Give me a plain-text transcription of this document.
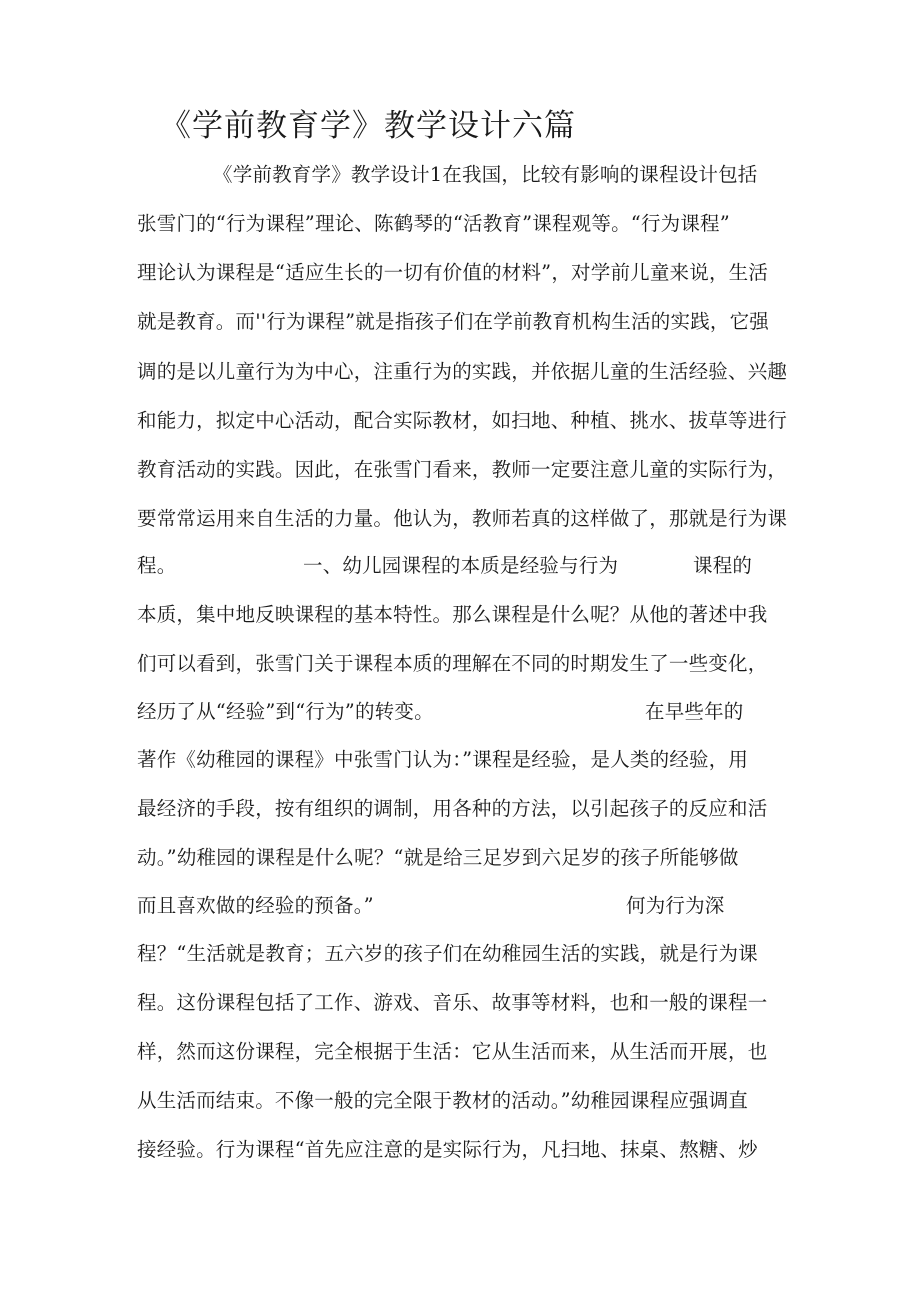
《学前教育学》教学设计六篇
《学前教育学》教学设计1在我国，比较有影响的课程设计包括
张雪门的“行为课程”理论、陈鹤琴的“活教育”课程观等。“行为课程”
理论认为课程是“适应生长的一切有价值的材料”，对学前儿童来说，生活
就是教育。而''行为课程”就是指孩子们在学前教育机构生活的实践，它强
调的是以儿童行为为中心，注重行为的实践，并依据儿童的生活经验、兴趣
和能力，拟定中心活动，配合实际教材，如扫地、种植、挑水、拔草等进行
教育活动的实践。因此，在张雪门看来，教师一定要注意儿童的实际行为，
要常常运用来自生活的力量。他认为，教师若真的这样做了，那就是行为课
程。	一、幼儿园课程的本质是经验与行为	课程的
本质，集中地反映课程的基本特性。那么课程是什么呢？从他的著述中我
们可以看到，张雪门关于课程本质的理解在不同的时期发生了一些变化，
经历了从“经验”到“行为”的转变。	在早些年的
著作《幼稚园的课程》中张雪门认为：”课程是经验，是人类的经验，用
最经济的手段，按有组织的调制，用各种的方法，以引起孩子的反应和活
动。”幼稚园的课程是什么呢？“就是给三足岁到六足岁的孩子所能够做
而且喜欢做的经验的预备。”	何为行为深
程？“生活就是教育；五六岁的孩子们在幼稚园生活的实践，就是行为课
程。这份课程包括了工作、游戏、音乐、故事等材料，也和一般的课程一
样，然而这份课程，完全根据于生活：它从生活而来，从生活而开展，也
从生活而结束。不像一般的完全限于教材的活动。”幼稚园课程应强调直
接经验。行为课程“首先应注意的是实际行为，凡扫地、抹桌、熬糖、炒
